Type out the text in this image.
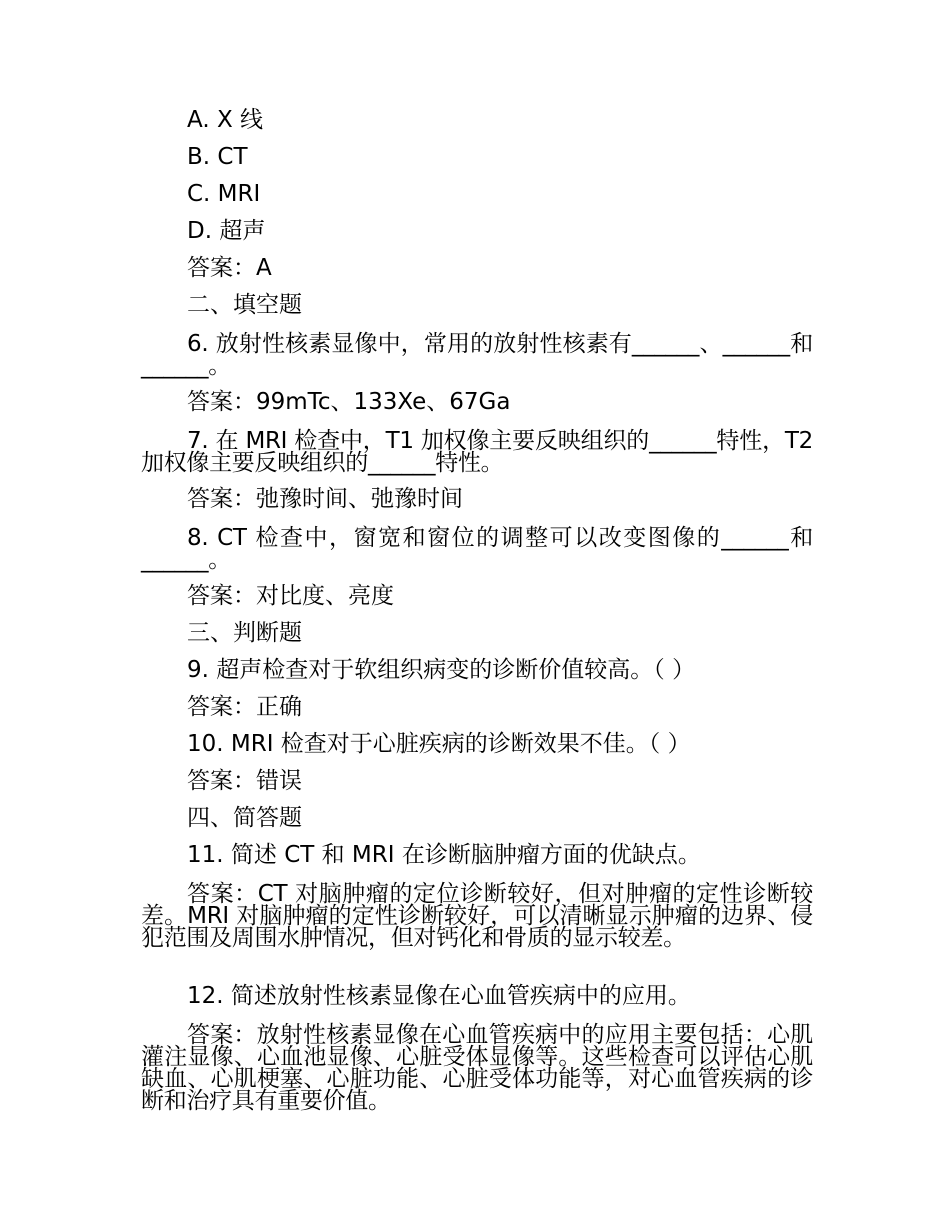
A. X 线
B. CT
C. MRI
D. 超声
答案：A
二、填空题
6. 放射性核素显像中，常用的放射性核素有______、______和______。
答案：99mTc、133Xe、67Ga
7. 在 MRI 检查中，T1 加权像主要反映组织的______特性，T2 加权像主要反映组织的______特性。
答案：弛豫时间、弛豫时间
8. CT 检查中，窗宽和窗位的调整可以改变图像的______和______。
答案：对比度、亮度
三、判断题
9. 超声检查对于软组织病变的诊断价值较高。（ ）
答案：正确
10. MRI 检查对于心脏疾病的诊断效果不佳。（ ）
答案：错误
四、简答题
11. 简述 CT 和 MRI 在诊断脑肿瘤方面的优缺点。
答案：CT 对脑肿瘤的定位诊断较好，但对肿瘤的定性诊断较差。MRI 对脑肿瘤的定性诊断较好，可以清晰显示肿瘤的边界、侵犯范围及周围水肿情况，但对钙化和骨质的显示较差。
12. 简述放射性核素显像在心血管疾病中的应用。
答案：放射性核素显像在心血管疾病中的应用主要包括：心肌灌注显像、心血池显像、心脏受体显像等。这些检查可以评估心肌缺血、心肌梗塞、心脏功能、心脏受体功能等，对心血管疾病的诊断和治疗具有重要价值。
